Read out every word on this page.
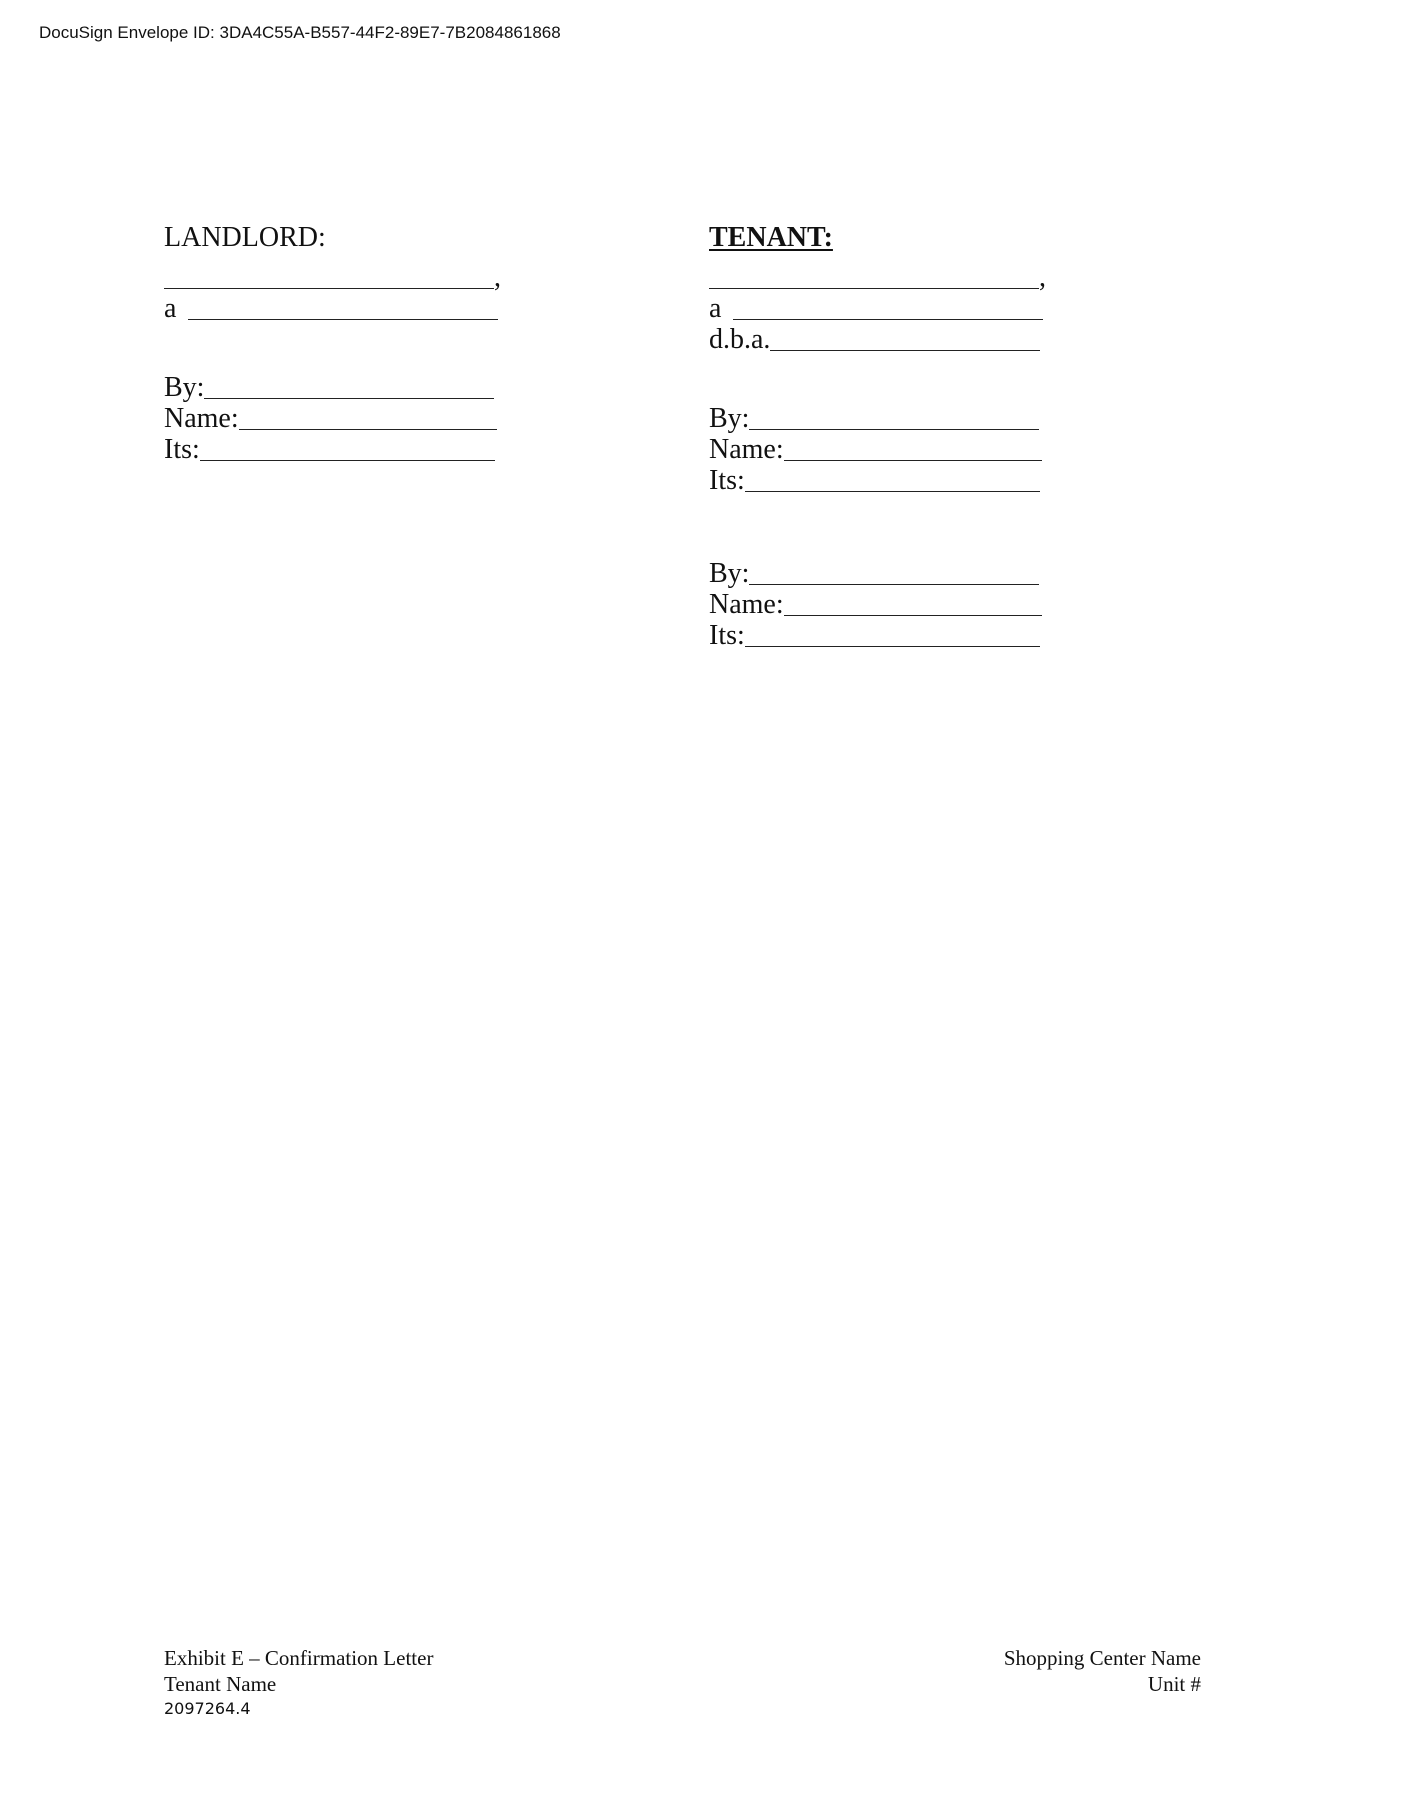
DocuSign Envelope ID: 3DA4C55A-B557-44F2-89E7-7B2084861868
LANDLORD:
,
a
By:
Name:
Its:
TENANT:
,
a
d.b.a.
By:
Name:
Its:
By:
Name:
Its:
Exhibit E – Confirmation Letter
Tenant Name
2097264.4
Shopping Center Name
Unit #
